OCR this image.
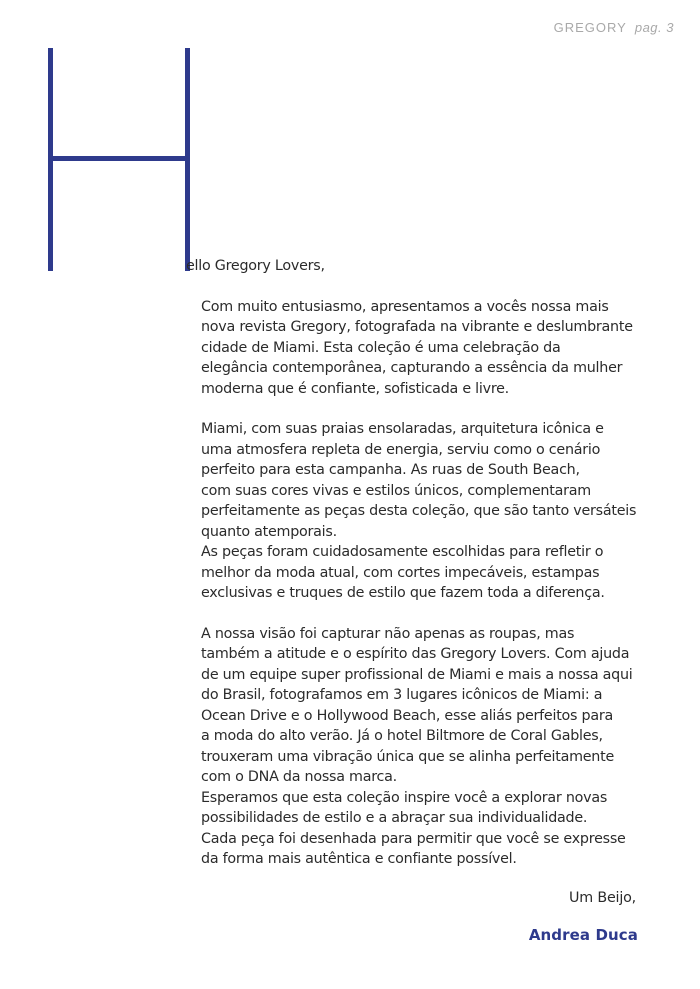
GREGORY pag. 3

ello Gregory Lovers,

Com muito entusiasmo, apresentamos a vocês nossa mais
nova revista Gregory, fotografada na vibrante e deslumbrante
cidade de Miami. Esta coleção é uma celebração da
elegância contemporânea, capturando a essência da mulher
moderna que é confiante, sofisticada e livre.

Miami, com suas praias ensolaradas, arquitetura icônica e
uma atmosfera repleta de energia, serviu como o cenário
perfeito para esta campanha. As ruas de South Beach,
com suas cores vivas e estilos únicos, complementaram
perfeitamente as peças desta coleção, que são tanto versáteis
quanto atemporais.
As peças foram cuidadosamente escolhidas para refletir o
melhor da moda atual, com cortes impecáveis, estampas
exclusivas e truques de estilo que fazem toda a diferença.

A nossa visão foi capturar não apenas as roupas, mas
também a atitude e o espírito das Gregory Lovers. Com ajuda
de um equipe super profissional de Miami e mais a nossa aqui
do Brasil, fotografamos em 3 lugares icônicos de Miami: a
Ocean Drive e o Hollywood Beach, esse aliás perfeitos para
a moda do alto verão. Já o hotel Biltmore de Coral Gables,
trouxeram uma vibração única que se alinha perfeitamente
com o DNA da nossa marca.
Esperamos que esta coleção inspire você a explorar novas
possibilidades de estilo e a abraçar sua individualidade.
Cada peça foi desenhada para permitir que você se expresse
da forma mais autêntica e confiante possível.

Um Beijo,
Andrea Duca
